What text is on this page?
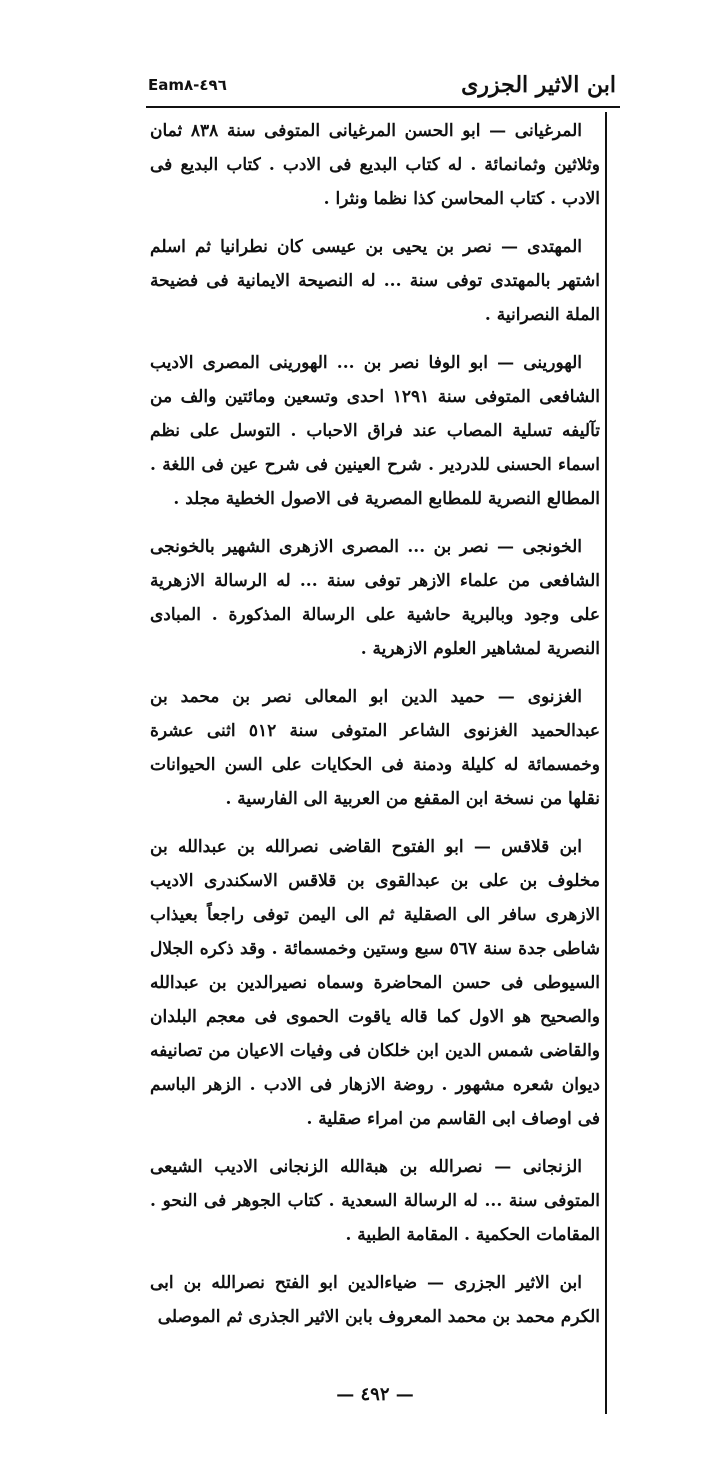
ابن الاثير الجزرى
Eam٤٩٦-٨

المرغيانى — ابو الحسن المرغيانى المتوفى سنة ٨٣٨ ثمان وثلاثين وثمانمائة . له كتاب البديع فى الادب . كتاب البديع فى الادب . كتاب المحاسن كذا نظما ونثرا .

المهتدى — نصر بن يحيى بن عيسى كان نطرانيا ثم اسلم اشتهر بالمهتدى توفى سنة ... له النصيحة الايمانية فى فضيحة الملة النصرانية .

الهورينى — ابو الوفا نصر بن ... الهورينى المصرى الاديب الشافعى المتوفى سنة ١٢٩١ احدى وتسعين ومائتين والف من تآليفه تسلية المصاب عند فراق الاحباب . التوسل على نظم اسماء الحسنى للدردير . شرح العينين فى شرح عين فى اللغة . المطالع النصرية للمطابع المصرية فى الاصول الخطية مجلد .

الخونجى — نصر بن ... المصرى الازهرى الشهير بالخونجى الشافعى من علماء الازهر توفى سنة ... له الرسالة الازهرية على وجود وبالبرية حاشية على الرسالة المذكورة . المبادى النصرية لمشاهير العلوم الازهرية .

الغزنوى — حميد الدين ابو المعالى نصر بن محمد بن عبدالحميد الغزنوى الشاعر المتوفى سنة ٥١٢ اثنى عشرة وخمسمائة له كليلة ودمنة فى الحكايات على السن الحيوانات نقلها من نسخة ابن المقفع من العربية الى الفارسية .

ابن قلاقس — ابو الفتوح القاضى نصرالله بن عبدالله بن مخلوف بن على بن عبدالقوى بن قلاقس الاسكندرى الاديب الازهرى سافر الى الصقلية ثم الى اليمن توفى راجعاً بعيذاب شاطى جدة سنة ٥٦٧ سبع وستين وخمسمائة . وقد ذكره الجلال السيوطى فى حسن المحاضرة وسماه نصيرالدين بن عبدالله والصحيح هو الاول كما قاله ياقوت الحموى فى معجم البلدان والقاضى شمس الدين ابن خلكان فى وفيات الاعيان من تصانيفه ديوان شعره مشهور . روضة الازهار فى الادب . الزهر الباسم فى اوصاف ابى القاسم من امراء صقلية .

الزنجانى — نصرالله بن هبةالله الزنجانى الاديب الشيعى المتوفى سنة ... له الرسالة السعدية . كتاب الجوهر فى النحو . المقامات الحكمية . المقامة الطبية .

ابن الاثير الجزرى — ضياءالدين ابو الفتح نصرالله بن ابى الكرم محمد بن محمد المعروف بابن الاثير الجذرى ثم الموصلى

— ٤٩٢ —
